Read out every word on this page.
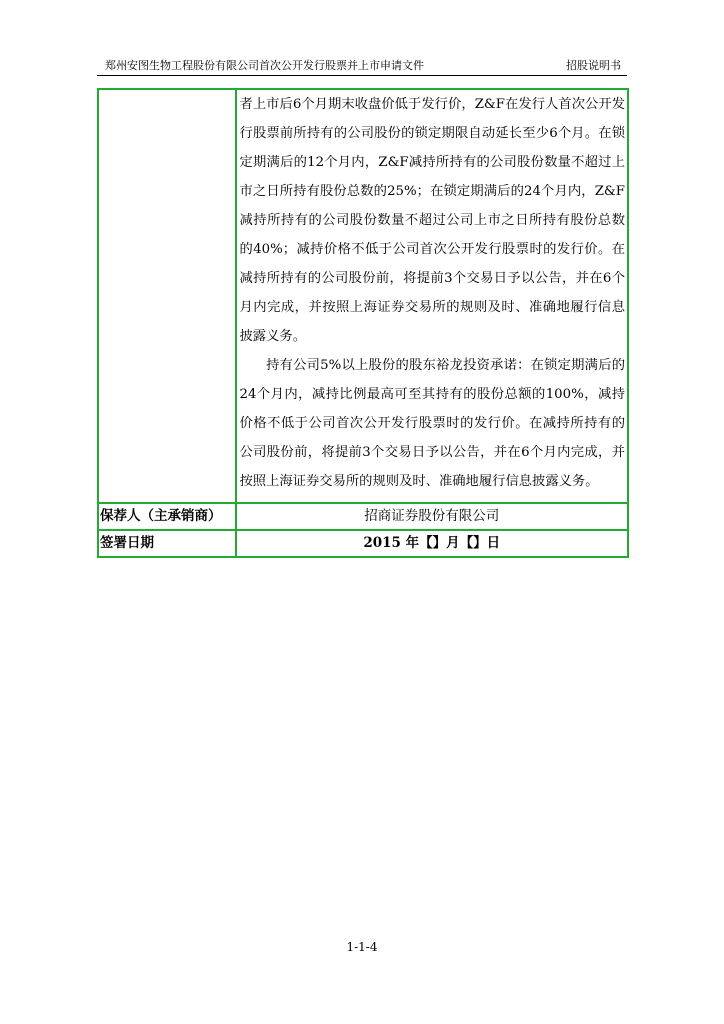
郑州安图生物工程股份有限公司首次公开发行股票并上市申请文件	招股说明书

	者上市后6个月期末收盘价低于发行价，Z&F在发行人首次公开发行股票前所持有的公司股份的锁定期限自动延长至少6个月。在锁定期满后的12个月内，Z&F减持所持有的公司股份数量不超过上市之日所持有股份总数的25%；在锁定期满后的24个月内，Z&F减持所持有的公司股份数量不超过公司上市之日所持有股份总数的40%；减持价格不低于公司首次公开发行股票时的发行价。在减持所持有的公司股份前，将提前3个交易日予以公告，并在6个月内完成，并按照上海证券交易所的规则及时、准确地履行信息披露义务。

持有公司5%以上股份的股东裕龙投资承诺：在锁定期满后的24个月内，减持比例最高可至其持有的股份总额的100%，减持价格不低于公司首次公开发行股票时的发行价。在减持所持有的公司股份前，将提前3个交易日予以公告，并在6个月内完成，并按照上海证券交易所的规则及时、准确地履行信息披露义务。

保荐人（主承销商）	招商证券股份有限公司
签署日期	2015 年【】月【】日
1-1-4
